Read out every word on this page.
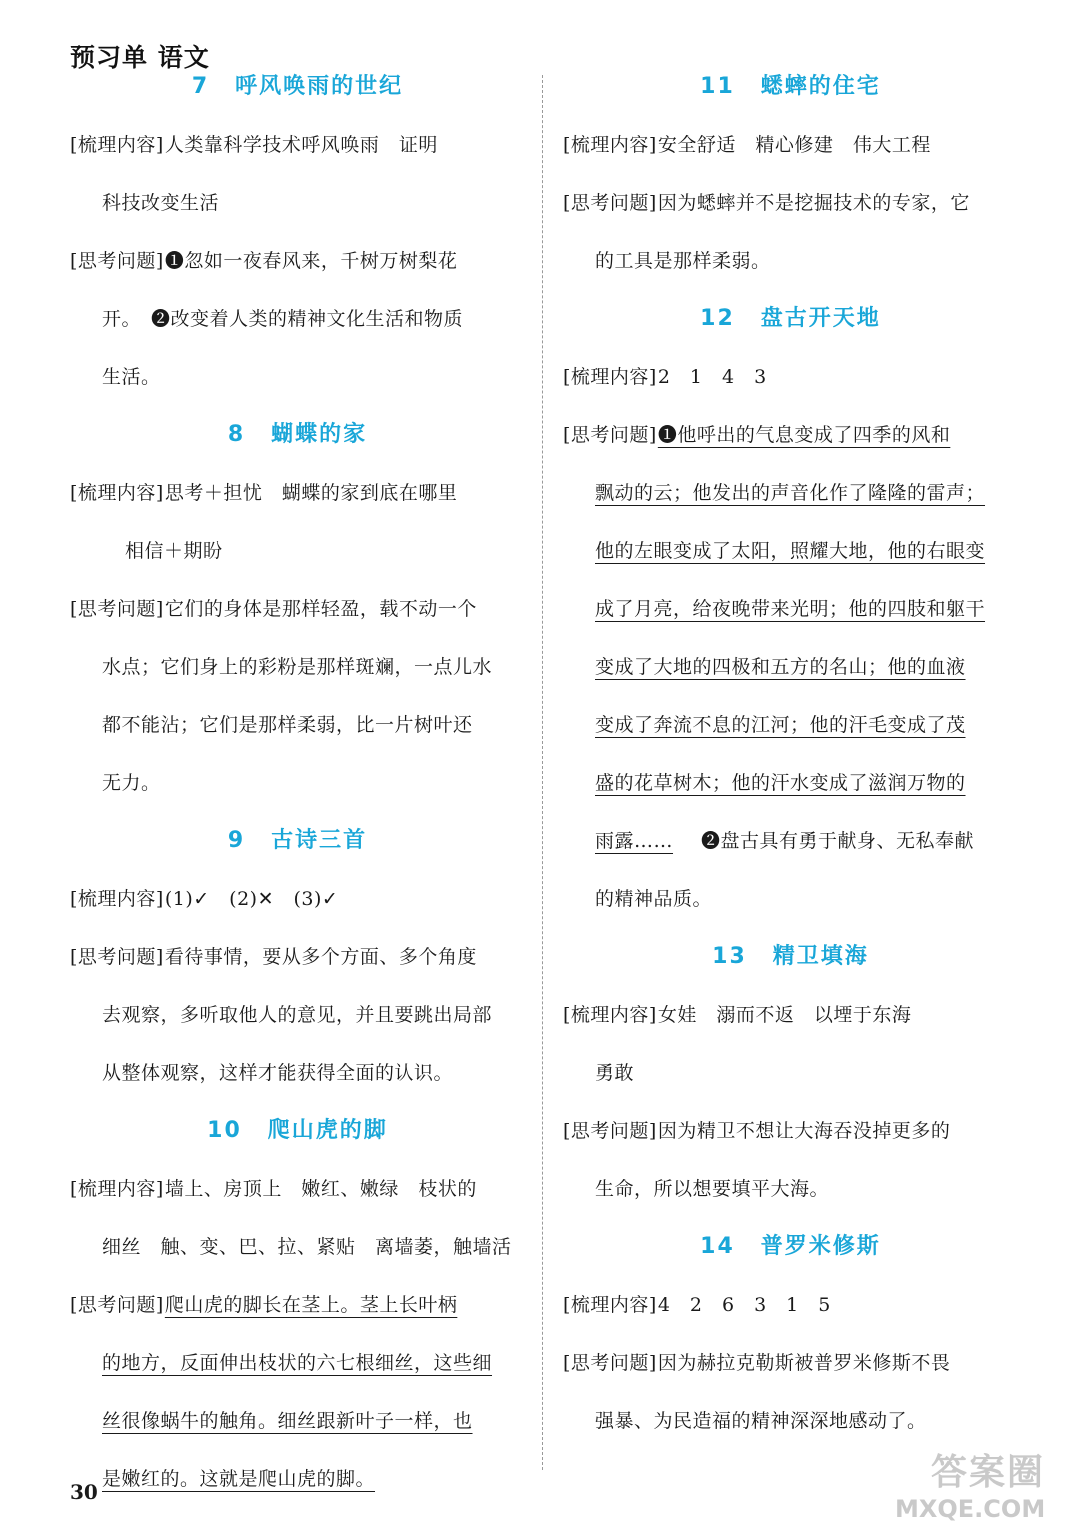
预习单 语文
7 呼风唤雨的世纪
[梳理内容]人类靠科学技术呼风唤雨　证明
科技改变生活
[思考问题]❶忽如一夜春风来，千树万树梨花
开。　❷改变着人类的精神文化生活和物质
生活。
8 蝴蝶的家
[梳理内容]思考＋担忧　蝴蝶的家到底在哪里
相信＋期盼
[思考问题]它们的身体是那样轻盈，载不动一个
水点；它们身上的彩粉是那样斑斓，一点儿水
都不能沾；它们是那样柔弱，比一片树叶还
无力。
9 古诗三首
[梳理内容](1)✓　(2)✕　(3)✓
[思考问题]看待事情，要从多个方面、多个角度
去观察，多听取他人的意见，并且要跳出局部
从整体观察，这样才能获得全面的认识。
10 爬山虎的脚
[梳理内容]墙上、房顶上　嫩红、嫩绿　枝状的
细丝　触、变、巴、拉、紧贴　离墙萎，触墙活
[思考问题]爬山虎的脚长在茎上。茎上长叶柄
的地方，反面伸出枝状的六七根细丝，这些细
丝很像蜗牛的触角。细丝跟新叶子一样，也
是嫩红的。这就是爬山虎的脚。
11 蟋蟀的住宅
[梳理内容]安全舒适　精心修建　伟大工程
[思考问题]因为蟋蟀并不是挖掘技术的专家，它
的工具是那样柔弱。
12 盘古开天地
[梳理内容]2　1　4　3
[思考问题]❶他呼出的气息变成了四季的风和
飘动的云；他发出的声音化作了隆隆的雷声；
他的左眼变成了太阳，照耀大地，他的右眼变
成了月亮，给夜晚带来光明；他的四肢和躯干
变成了大地的四极和五方的名山；他的血液
变成了奔流不息的江河；他的汗毛变成了茂
盛的花草树木；他的汗水变成了滋润万物的
雨露…… ❷盘古具有勇于献身、无私奉献
的精神品质。
13 精卫填海
[梳理内容]女娃　溺而不返　以堙于东海
勇敢
[思考问题]因为精卫不想让大海吞没掉更多的
生命，所以想要填平大海。
14 普罗米修斯
[梳理内容]4　2　6　3　1　5
[思考问题]因为赫拉克勒斯被普罗米修斯不畏
强暴、为民造福的精神深深地感动了。
30	答案圈
MXQE.COM
